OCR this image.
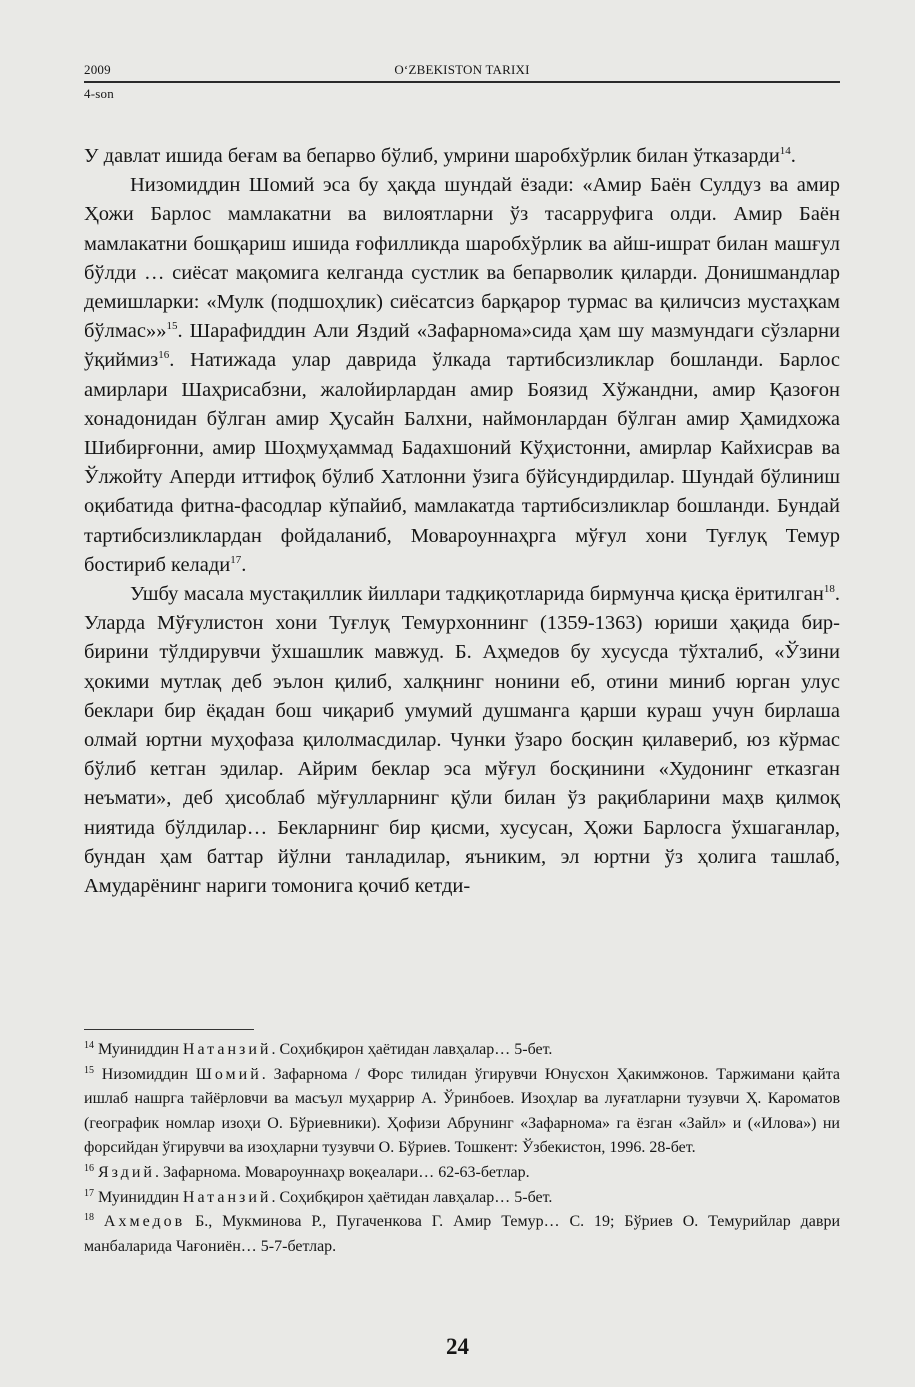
2009	O‘ZBEKISTON TARIXI
4-son

У давлат ишида беғам ва бепарво бўлиб, умрини шаробхўрлик билан ўтказарди$^{14}$.

Низомиддин Шомий эса бу ҳақда шундай ёзади: «Амир Баён Сулдуз ва амир Ҳожи Барлос мамлакатни ва вилоятларни ўз тасарруфига олди. Амир Баён мамлакатни бошқариш ишида ғофилликда шаробхўрлик ва айш-ишрат билан машғул бўлди … сиёсат мақомига келганда сустлик ва бепарволик қиларди. Донишмандлар демишларки: «Мулк (подшоҳлик) сиёсатсиз барқарор турмас ва қиличсиз мустаҳкам бўлмас»»$^{15}$. Шарафиддин Али Яздий «Зафарнома»сида ҳам шу мазмундаги сўзларни ўқиймиз$^{16}$. Натижада улар даврида ўлкада тартибсизликлар бошланди. Барлос амирлари Шаҳрисабзни, жалойирлардан амир Боязид Хўжандни, амир Қазоғон хонадонидан бўлган амир Ҳусайн Балхни, наймонлардан бўлган амир Ҳамидхожа Шибирғонни, амир Шоҳмуҳаммад Бадахшоний Кўҳистонни, амирлар Кайхисрав ва Ўлжойту Аперди иттифоқ бўлиб Хатлонни ўзига бўйсундирдилар. Шундай бўлиниш оқибатида фитна-фасодлар кўпайиб, мамлакатда тартибсизликлар бошланди. Бундай тартибсизликлардан фойдаланиб, Мовароуннаҳрга мўғул хони Туғлуқ Темур бостириб келади$^{17}$.

Ушбу масала мустақиллик йиллари тадқиқотларида бирмунча қисқа ёритилган$^{18}$. Уларда Мўғулистон хони Туғлуқ Темурхоннинг (1359-1363) юриши ҳақида бир-бирини тўлдирувчи ўхшашлик мавжуд. Б. Аҳмедов бу хусусда тўхталиб, «Ўзини ҳокими мутлақ деб эълон қилиб, халқнинг нонини еб, отини миниб юрган улус беклари бир ёқадан бош чиқариб умумий душманга қарши кураш учун бирлаша олмай юртни муҳофаза қилолмасдилар. Чунки ўзаро босқин қилавериб, юз кўрмас бўлиб кетган эдилар. Айрим беклар эса мўғул босқинини «Худонинг етказган неъмати», деб ҳисоблаб мўғулларнинг қўли билан ўз рақибларини маҳв қилмоқ ниятида бўлдилар… Бекларнинг бир қисми, хусусан, Ҳожи Барлосга ўхшаганлар, бундан ҳам баттар йўлни танладилар, яъниким, эл юртни ўз ҳолига ташлаб, Амударёнинг нариги томонига қочиб кетди-

$^{14}$ Муиниддин Натанзий. Соҳибқирон ҳаётидан лавҳалар… 5-бет.

$^{15}$ Низомиддин Шомий. Зафарнома / Форс тилидан ўгирувчи Юнусхон Ҳакимжонов. Таржимани қайта ишлаб нашрга тайёрловчи ва масъул муҳаррир А. Ўринбоев. Изоҳлар ва луғатларни тузувчи Ҳ. Кароматов (географик номлар изоҳи О. Бўриевники). Ҳофизи Абрунинг «Зафарнома» га ёзган «Зайл» и («Илова») ни форсийдан ўгирувчи ва изоҳларни тузувчи О. Бўриев. Тошкент: Ўзбекистон, 1996. 28-бет.

$^{16}$ Яздий. Зафарнома. Мовароуннаҳр воқеалари… 62-63-бетлар.

$^{17}$ Муиниддин Натанзий. Соҳибқирон ҳаётидан лавҳалар… 5-бет.

$^{18}$ Ахмедов Б., Мукминова Р., Пугаченкова Г. Амир Темур… С. 19; Бўриев О. Темурийлар даври манбаларида Чағониён… 5-7-бетлар.

24
